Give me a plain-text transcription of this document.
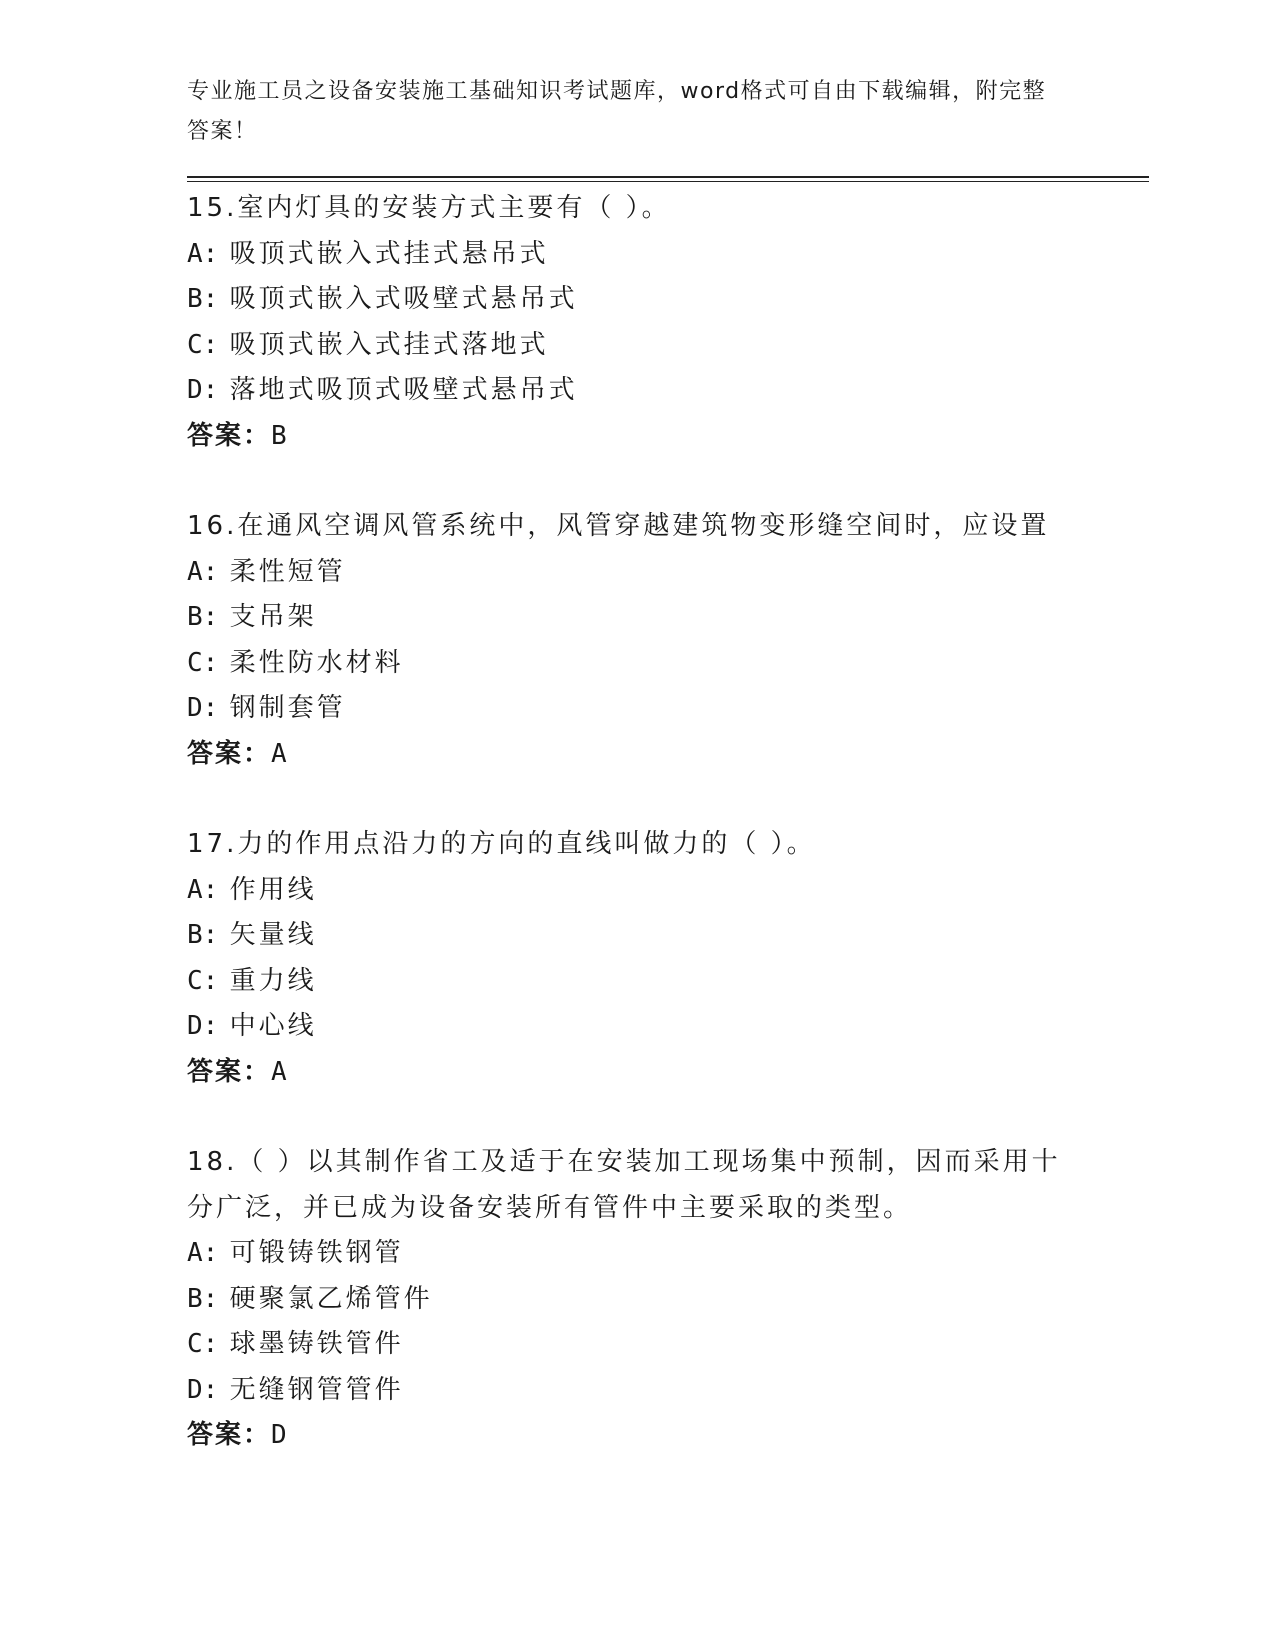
专业施工员之设备安装施工基础知识考试题库，word格式可自由下载编辑，附完整答案！
15.室内灯具的安装方式主要有（ ）。
A: 吸顶式嵌入式挂式悬吊式
B: 吸顶式嵌入式吸壁式悬吊式
C: 吸顶式嵌入式挂式落地式
D: 落地式吸顶式吸壁式悬吊式
答案：B
16.在通风空调风管系统中，风管穿越建筑物变形缝空间时，应设置
A: 柔性短管
B: 支吊架
C: 柔性防水材料
D: 钢制套管
答案：A
17.力的作用点沿力的方向的直线叫做力的（ ）。
A: 作用线
B: 矢量线
C: 重力线
D: 中心线
答案：A
18.（ ）以其制作省工及适于在安装加工现场集中预制，因而采用十分广泛，并已成为设备安装所有管件中主要采取的类型。
A: 可锻铸铁钢管
B: 硬聚氯乙烯管件
C: 球墨铸铁管件
D: 无缝钢管管件
答案：D
